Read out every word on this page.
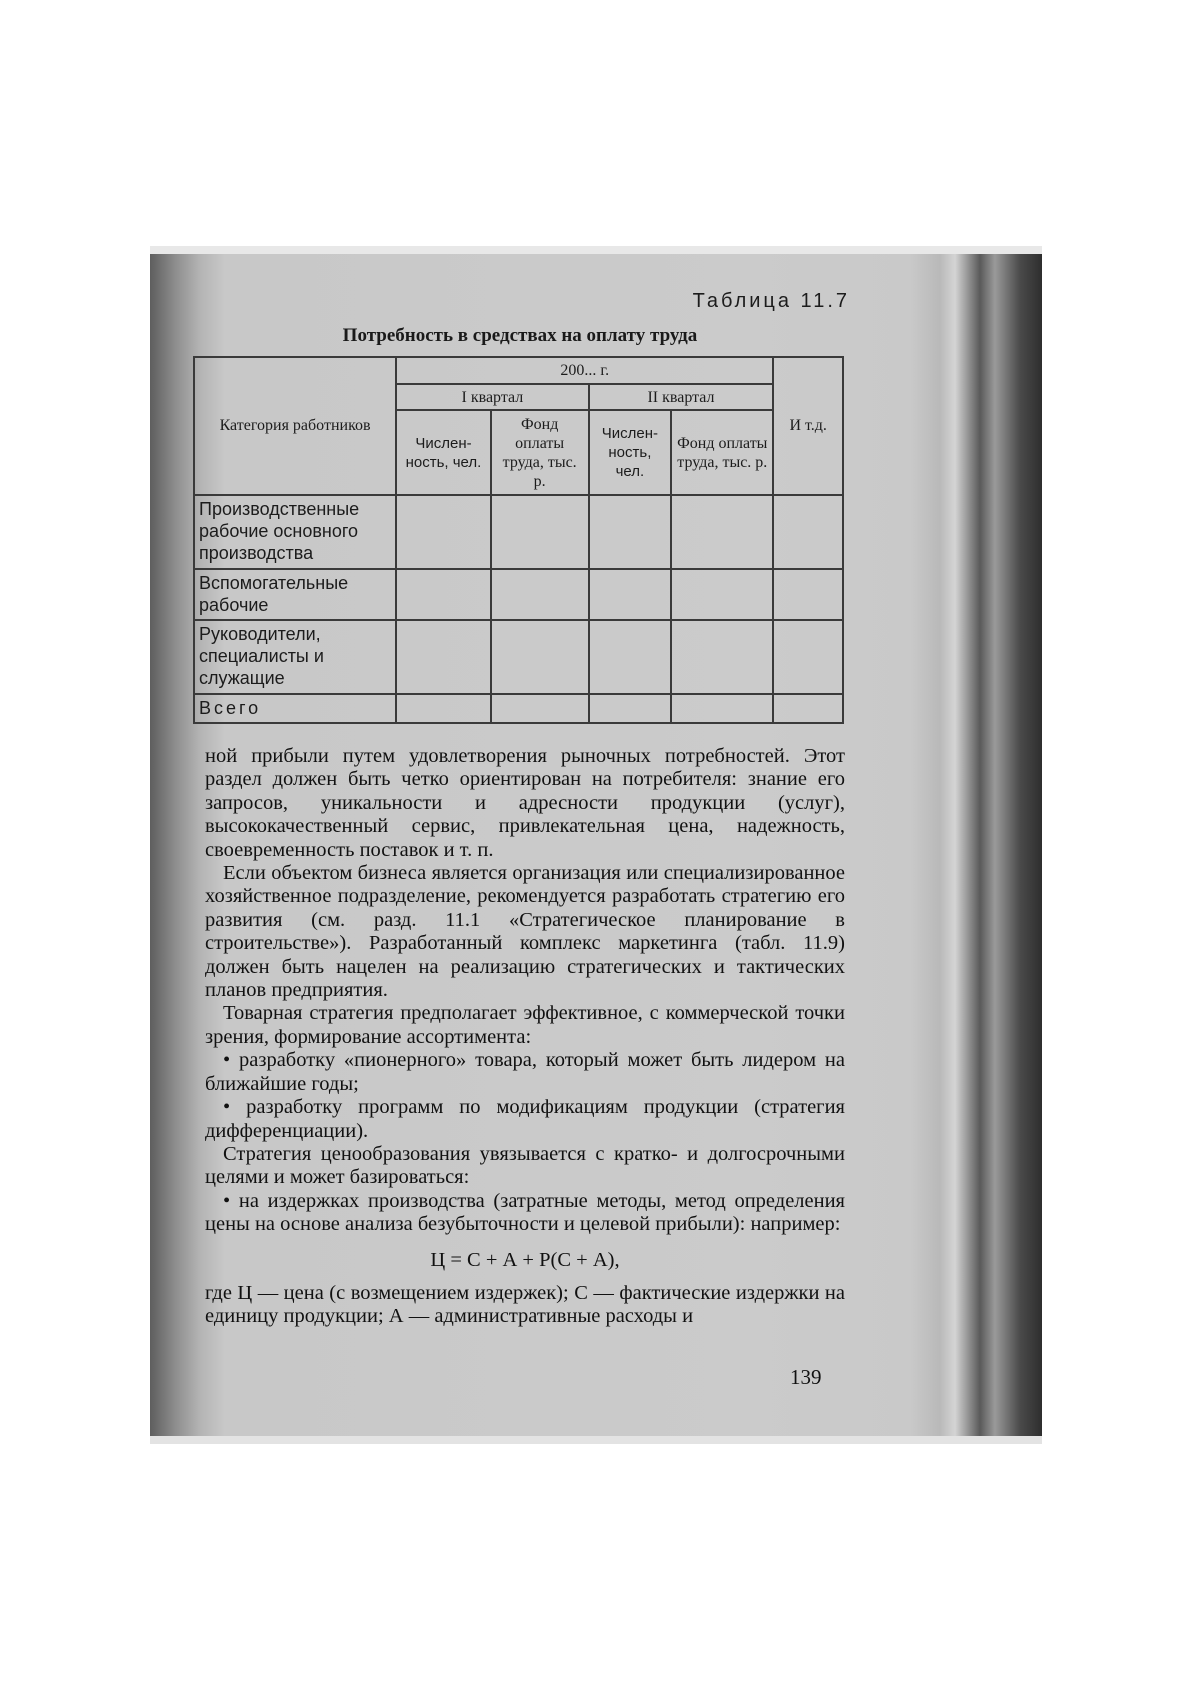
Таблица 11.7
Потребность в средствах на оплату труда
Категория работников	200... г.				И т.д.
	I квартал		II квартал		
	Числен-ность, чел.	Фонд оплаты труда, тыс. р.	Числен-ность, чел.	Фонд оплаты труда, тыс. р.	
Производственные рабочие основного производства					
Вспомогательные рабочие					
Руководители, специалисты и служащие					
Всего					

ной прибыли путем удовлетворения рыночных потребностей. Этот раздел должен быть четко ориентирован на потребителя: знание его запросов, уникальности и адресности продукции (услуг), высококачественный сервис, привлекательная цена, надежность, своевременность поставок и т. п.

Если объектом бизнеса является организация или специализированное хозяйственное подразделение, рекомендуется разработать стратегию его развития (см. разд. 11.1 «Стратегическое планирование в строительстве»). Разработанный комплекс маркетинга (табл. 11.9) должен быть нацелен на реализацию стратегических и тактических планов предприятия.

Товарная стратегия предполагает эффективное, с коммерческой точки зрения, формирование ассортимента:

• разработку «пионерного» товара, который может быть лидером на ближайшие годы;

• разработку программ по модификациям продукции (стратегия дифференциации).

Стратегия ценообразования увязывается с кратко- и долгосрочными целями и может базироваться:

• на издержках производства (затратные методы, метод определения цены на основе анализа безубыточности и целевой прибыли): например:

Ц = С + А + Р(С + А),

где Ц — цена (с возмещением издержек); С — фактические издержки на единицу продукции; А — административные расходы и

139
